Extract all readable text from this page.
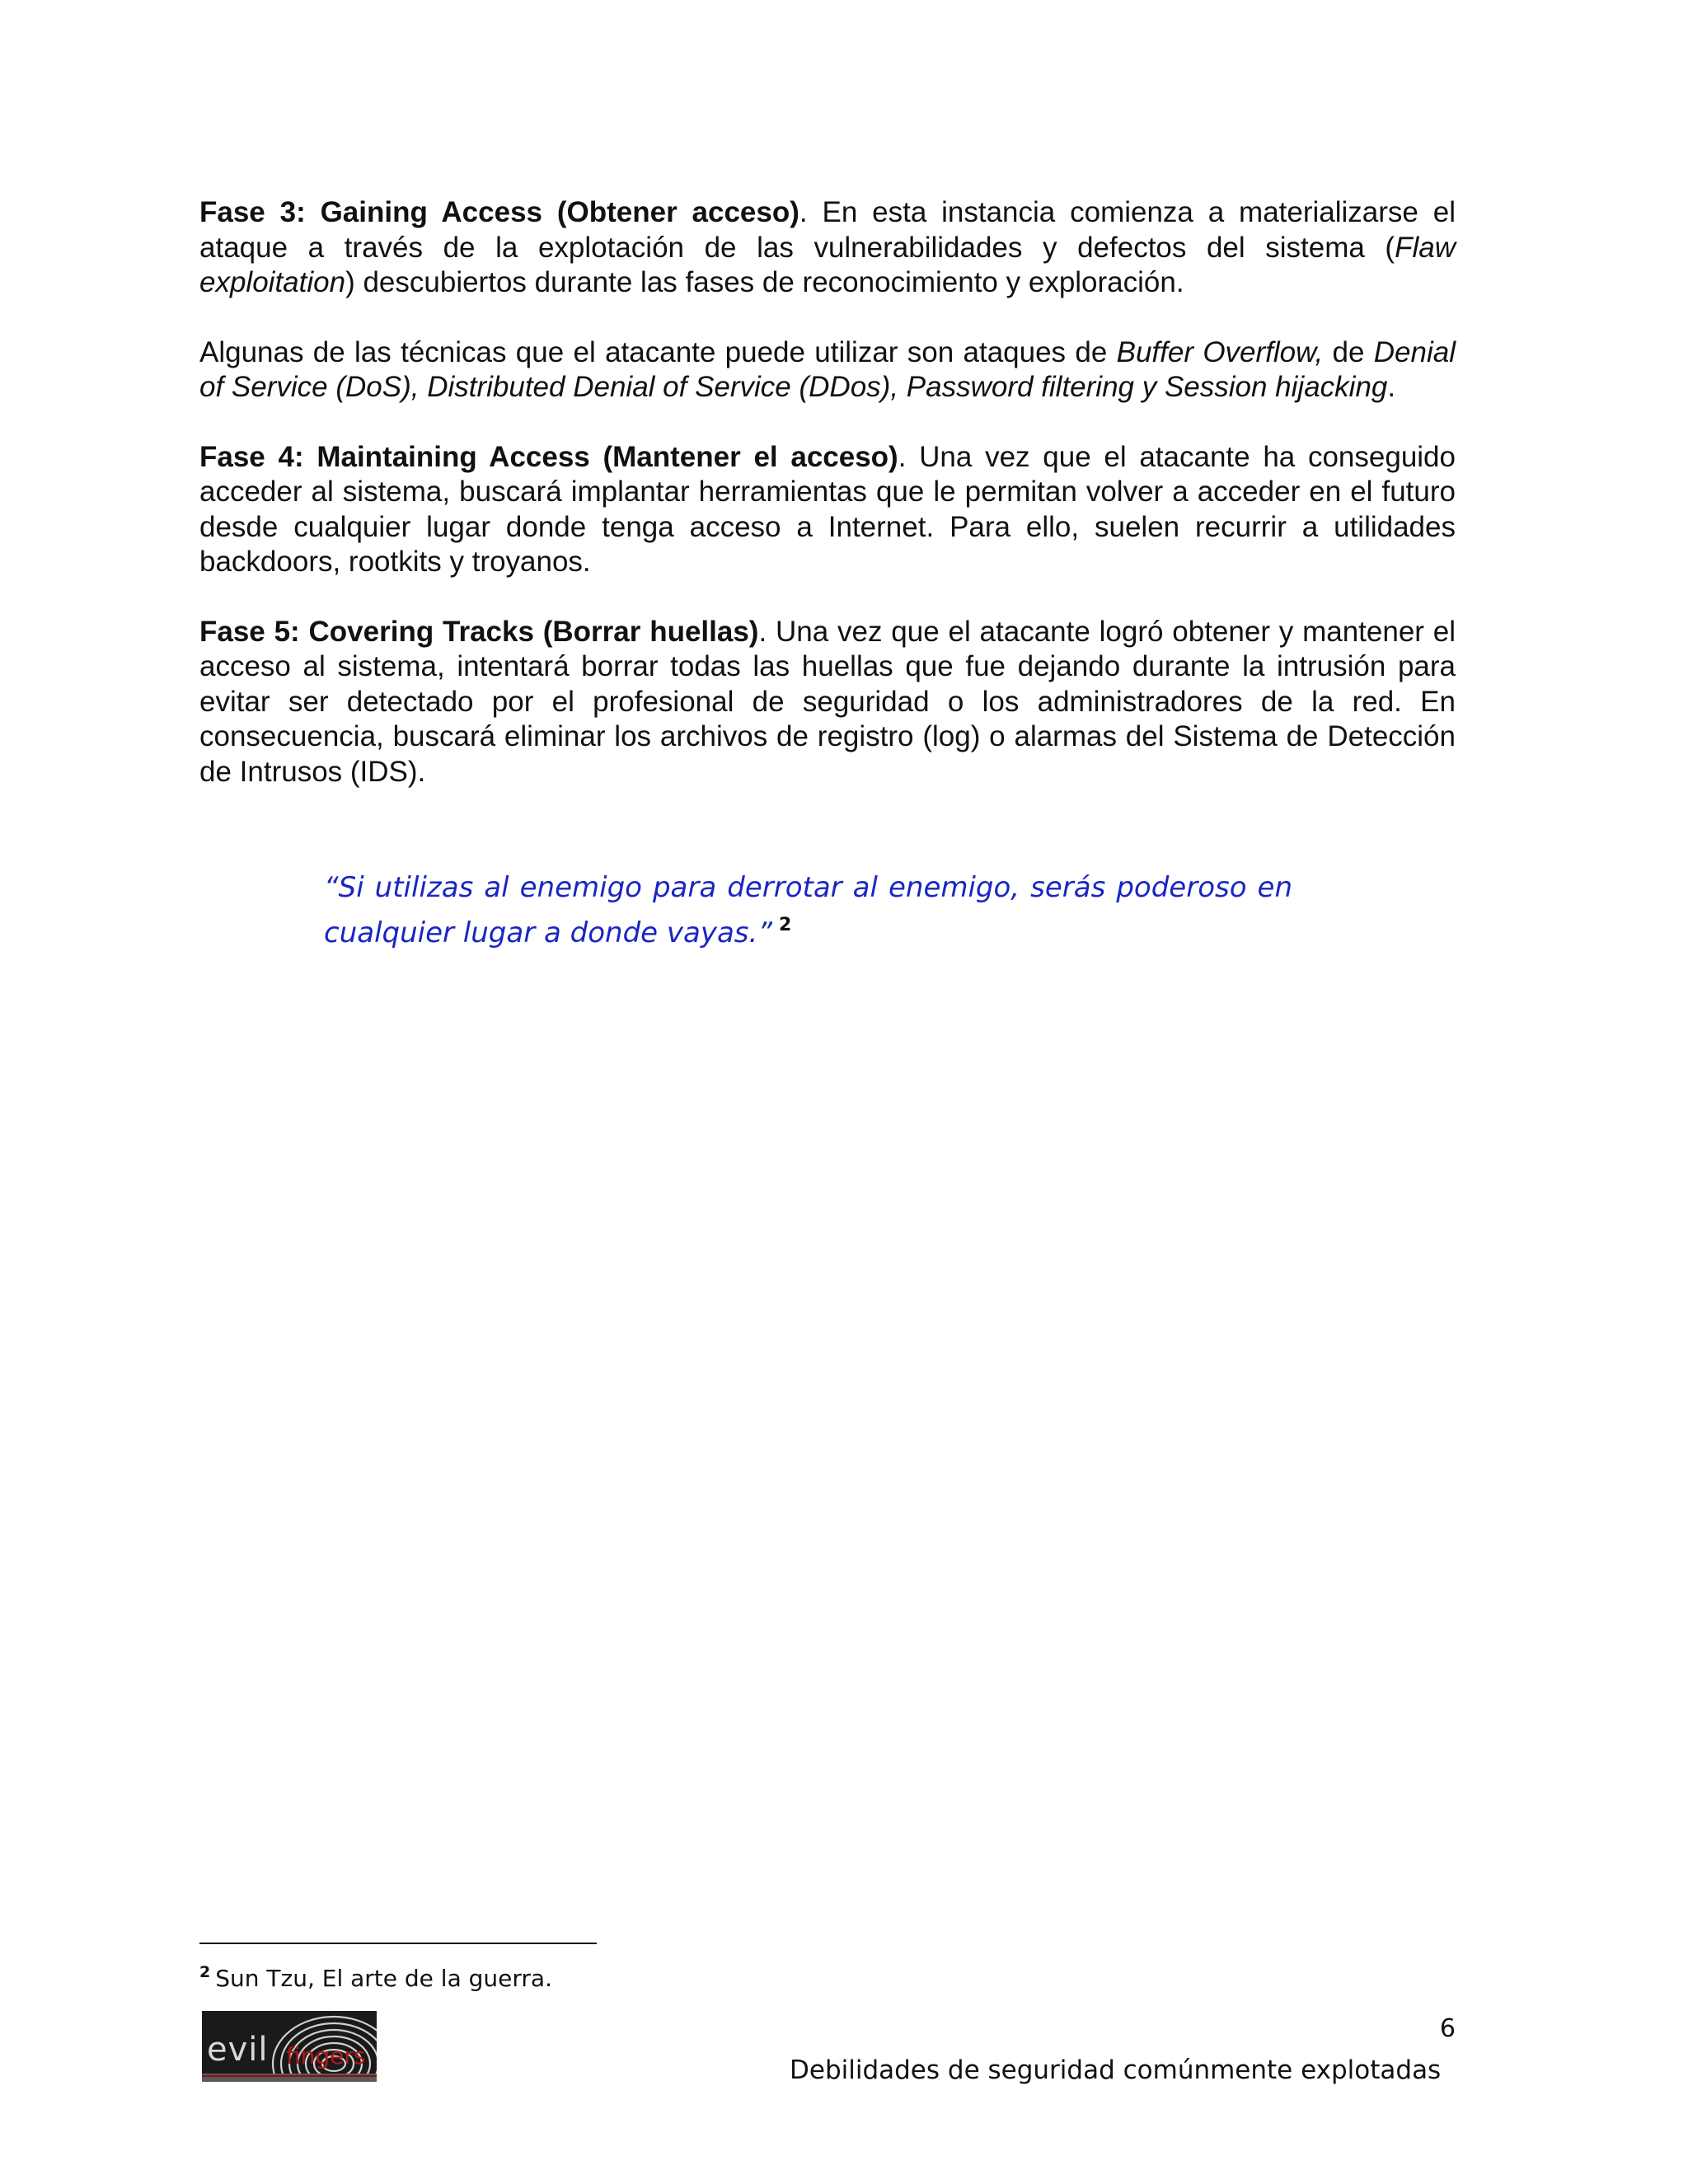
Fase 3: Gaining Access (Obtener acceso). En esta instancia comienza a materializarse el ataque a través de la explotación de las vulnerabilidades y defectos del sistema (Flaw exploitation) descubiertos durante las fases de reconocimiento y exploración.

Algunas de las técnicas que el atacante puede utilizar son ataques de Buffer Overflow, de Denial of Service (DoS), Distributed Denial of Service (DDos), Password filtering y Session hijacking.

Fase 4: Maintaining Access (Mantener el acceso). Una vez que el atacante ha conseguido acceder al sistema, buscará implantar herramientas que le permitan volver a acceder en el futuro desde cualquier lugar donde tenga acceso a Internet. Para ello, suelen recurrir a utilidades backdoors, rootkits y troyanos.

Fase 5: Covering Tracks (Borrar huellas). Una vez que el atacante logró obtener y mantener el acceso al sistema, intentará borrar todas las huellas que fue dejando durante la intrusión para evitar ser detectado por el profesional de seguridad o los administradores de la red. En consecuencia, buscará eliminar los archivos de registro (log) o alarmas del Sistema de Detección de Intrusos (IDS).

“Si utilizas al enemigo para derrotar al enemigo, serás poderoso en cualquier lugar a donde vayas.” $^2$

$^2$ Sun Tzu, El arte de la guerra.
evil fingers
6
Debilidades de seguridad comúnmente explotadas
